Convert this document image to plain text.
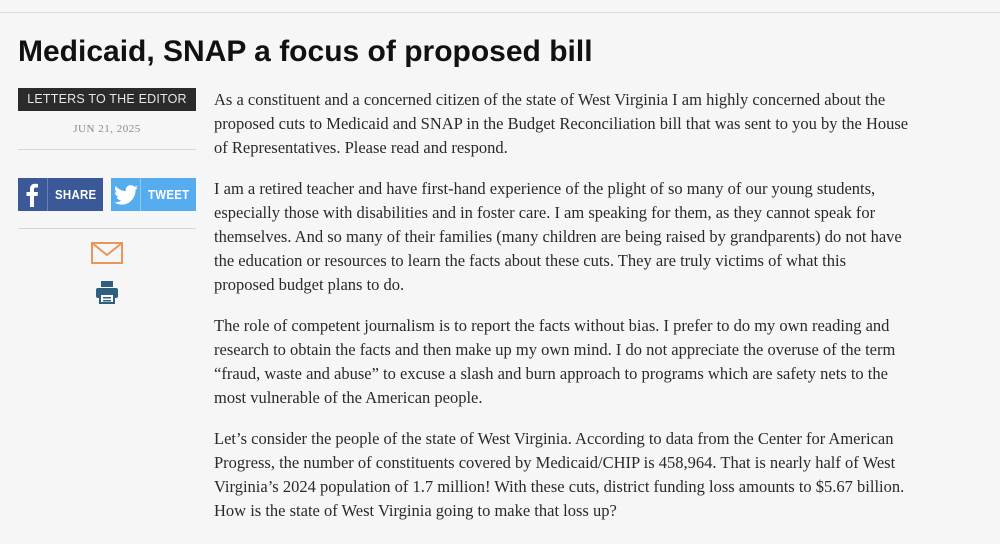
Medicaid, SNAP a focus of proposed bill
LETTERS TO THE EDITOR
JUN 21, 2025
SHARE	TWEET

As a constituent and a concerned citizen of the state of West Virginia I am highly concerned about the
proposed cuts to Medicaid and SNAP in the Budget Reconciliation bill that was sent to you by the House
of Representatives. Please read and respond.

I am a retired teacher and have first-hand experience of the plight of so many of our young students,
especially those with disabilities and in foster care. I am speaking for them, as they cannot speak for
themselves. And so many of their families (many children are being raised by grandparents) do not have
the education or resources to learn the facts about these cuts. They are truly victims of what this
proposed budget plans to do.

The role of competent journalism is to report the facts without bias. I prefer to do my own reading and
research to obtain the facts and then make up my own mind. I do not appreciate the overuse of the term
“fraud, waste and abuse” to excuse a slash and burn approach to programs which are safety nets to the
most vulnerable of the American people.

Let’s consider the people of the state of West Virginia. According to data from the Center for American
Progress, the number of constituents covered by Medicaid/CHIP is 458,964. That is nearly half of West
Virginia’s 2024 population of 1.7 million! With these cuts, district funding loss amounts to $5.67 billion.
How is the state of West Virginia going to make that loss up?
